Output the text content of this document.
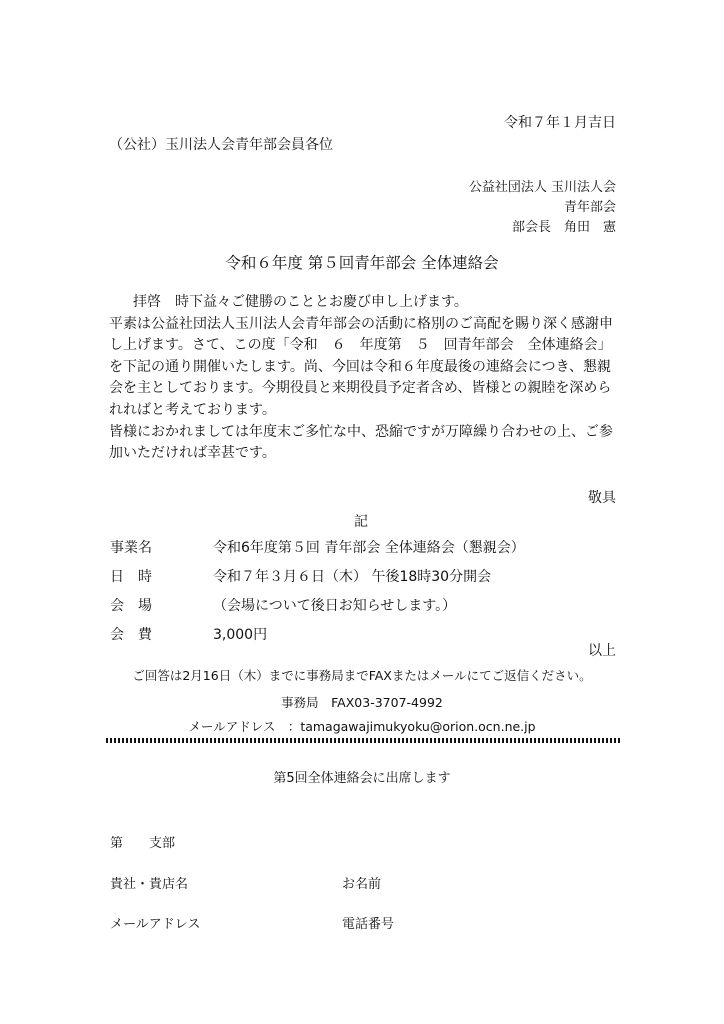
令和７年１月吉日
（公社）玉川法人会青年部会員各位
公益社団法人 玉川法人会
青年部会
部会長　角田　憲
令和６年度 第５回青年部会 全体連絡会

拝啓　時下益々ご健勝のこととお慶び申し上げます。

平素は公益社団法人玉川法人会青年部会の活動に格別のご高配を賜り深く感謝申し上げます。さて、この度「令和　６　年度第　５　回青年部会　全体連絡会」を下記の通り開催いたします。尚、今回は令和６年度最後の連絡会につき、懇親会を主としております。今期役員と来期役員予定者含め、皆様との親睦を深められればと考えております。

皆様におかれましては年度末ご多忙な中、恐縮ですが万障繰り合わせの上、ご参加いただければ幸甚です。

敬具
記
事業名	令和6年度第５回 青年部会 全体連絡会（懇親会）
日　時	令和７年３月６日（木） 午後18時30分開会
会　場	（会場について後日お知らせします。）
会　費	3,000円
以上
ご回答は2月16日（木）までに事務局までFAXまたはメールにてご返信ください。
事務局　FAX03-3707-4992
メールアドレス　：tamagawajimukyoku@orion.ocn.ne.jp
第5回全体連絡会に出席します
第　　支部
貴社・貴店名	お名前
メールアドレス	電話番号
